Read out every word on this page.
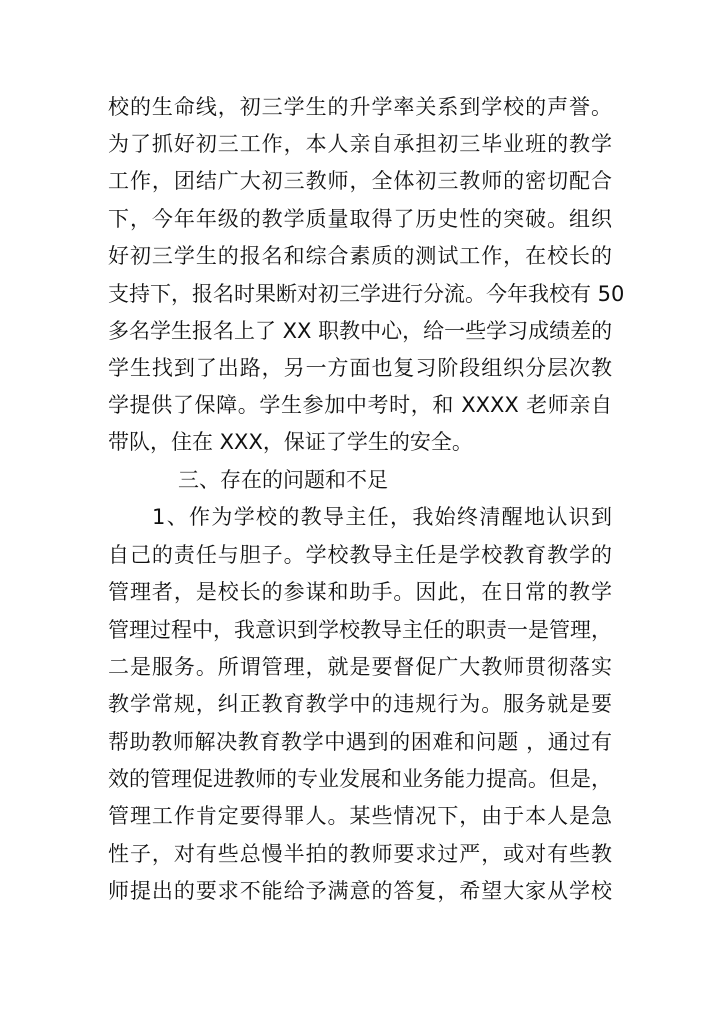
校的生命线，初三学生的升学率关系到学校的声誉。
为了抓好初三工作，本人亲自承担初三毕业班的教学
工作，团结广大初三教师，全体初三教师的密切配合
下，今年年级的教学质量取得了历史性的突破。组织
好初三学生的报名和综合素质的测试工作，在校长的
支持下，报名时果断对初三学进行分流。今年我校有 50
多名学生报名上了 XX 职教中心，给一些学习成绩差的
学生找到了出路，另一方面也复习阶段组织分层次教
学提供了保障。学生参加中考时，和 XXXX 老师亲自
带队，住在 XXX，保证了学生的安全。
三、存在的问题和不足
1、作为学校的教导主任，我始终清醒地认识到
自己的责任与胆子。学校教导主任是学校教育教学的
管理者，是校长的参谋和助手。因此，在日常的教学
管理过程中，我意识到学校教导主任的职责一是管理，
二是服务。所谓管理，就是要督促广大教师贯彻落实
教学常规，纠正教育教学中的违规行为。服务就是要
帮助教师解决教育教学中遇到的困难和问题 ，通过有
效的管理促进教师的专业发展和业务能力提高。但是，
管理工作肯定要得罪人。某些情况下，由于本人是急
性子，对有些总慢半拍的教师要求过严，或对有些教
师提出的要求不能给予满意的答复，希望大家从学校
